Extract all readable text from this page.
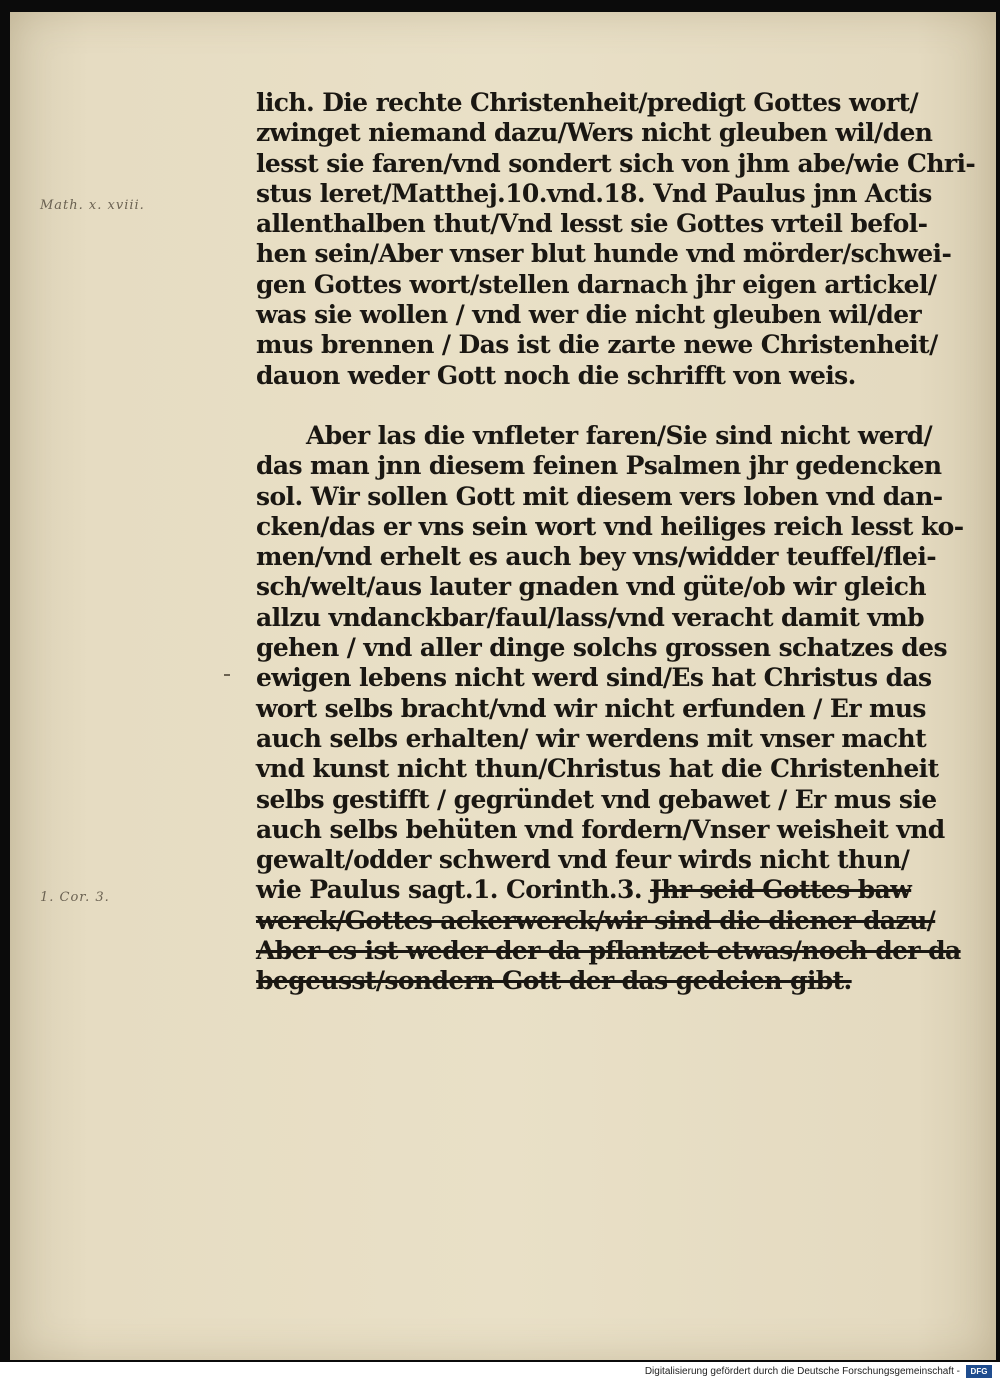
Math. x. xviii.
1. Cor. 3.
lich. Die rechte Christenheit/predigt Gottes wort/
zwinget niemand dazu/Wers nicht gleuben wil/den
lesst sie faren/vnd sondert sich von jhm abe/wie Chri-
stus leret/Matthej.10.vnd.18. Vnd Paulus jnn Actis
allenthalben thut/Vnd lesst sie Gottes vrteil befol-
hen sein/Aber vnser blut hunde vnd mörder/schwei-
gen Gottes wort/stellen darnach jhr eigen artickel/
was sie wollen / vnd wer die nicht gleuben wil/der
mus brennen / Das ist die zarte newe Christenheit/
dauon weder Gott noch die schrifft von weis.
Aber las die vnfleter faren/Sie sind nicht werd/
das man jnn diesem feinen Psalmen jhr gedencken
sol. Wir sollen Gott mit diesem vers loben vnd dan-
cken/das er vns sein wort vnd heiliges reich lesst ko-
men/vnd erhelt es auch bey vns/widder teuffel/flei-
sch/welt/aus lauter gnaden vnd güte/ob wir gleich
allzu vndanckbar/faul/lass/vnd veracht damit vmb
gehen / vnd aller dinge solchs grossen schatzes des
ewigen lebens nicht werd sind/Es hat Christus das
wort selbs bracht/vnd wir nicht erfunden / Er mus
auch selbs erhalten/ wir werdens mit vnser macht
vnd kunst nicht thun/Christus hat die Christenheit
selbs gestifft / gegründet vnd gebawet / Er mus sie
auch selbs behüten vnd fordern/Vnser weisheit vnd
gewalt/odder schwerd vnd feur wirds nicht thun/
wie Paulus sagt.1. Corinth.3. Jhr seid Gottes baw
werck/Gottes ackerwerck/wir sind die diener dazu/
Aber es ist weder der da pflantzet etwas/noch der da
begeusst/sondern Gott der das gedeien gibt.
Digitalisierung gefördert durch die Deutsche Forschungsgemeinschaft -	DFG
